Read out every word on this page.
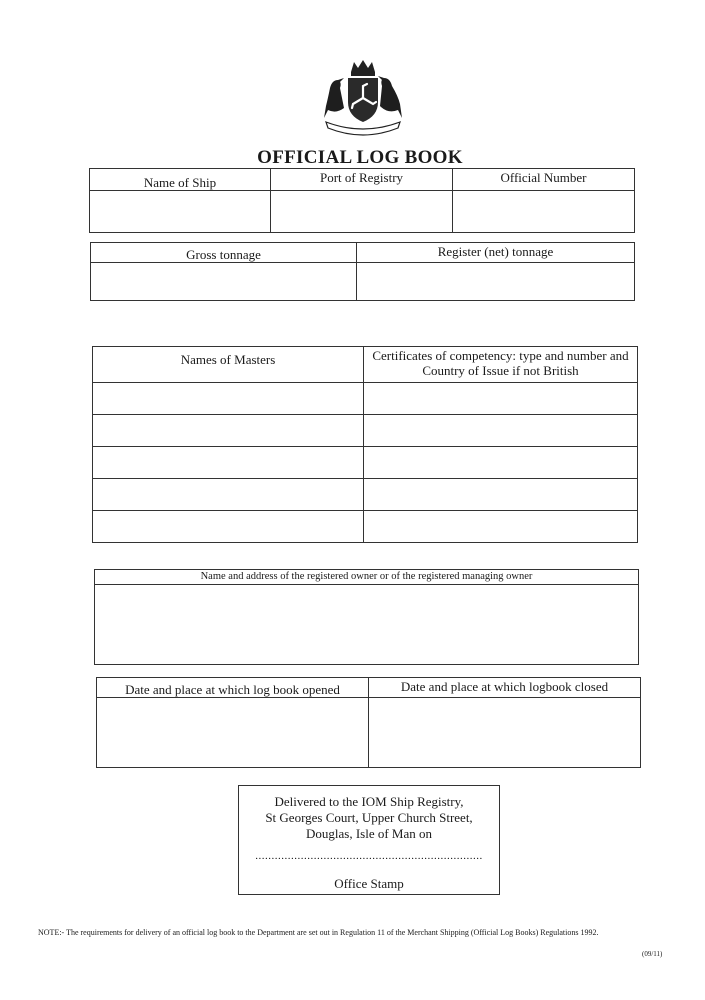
OFFICIAL LOG BOOK
Name of Ship	Port of Registry	Official Number

Gross tonnage	Register (net) tonnage

Names of Masters	Certificates of competency: type and number and Country of Issue if not British

Name and address of the registered owner or of the registered managing owner

Date and place at which log book opened	Date and place at which logbook closed

Delivered to the IOM Ship Registry,
St Georges Court, Upper Church Street,
Douglas, Isle of Man on
......................................................................
Office Stamp
NOTE:- The requirements for delivery of an official log book to the Department are set out in Regulation 11 of the Merchant Shipping (Official Log Books) Regulations 1992.
(09/11)
